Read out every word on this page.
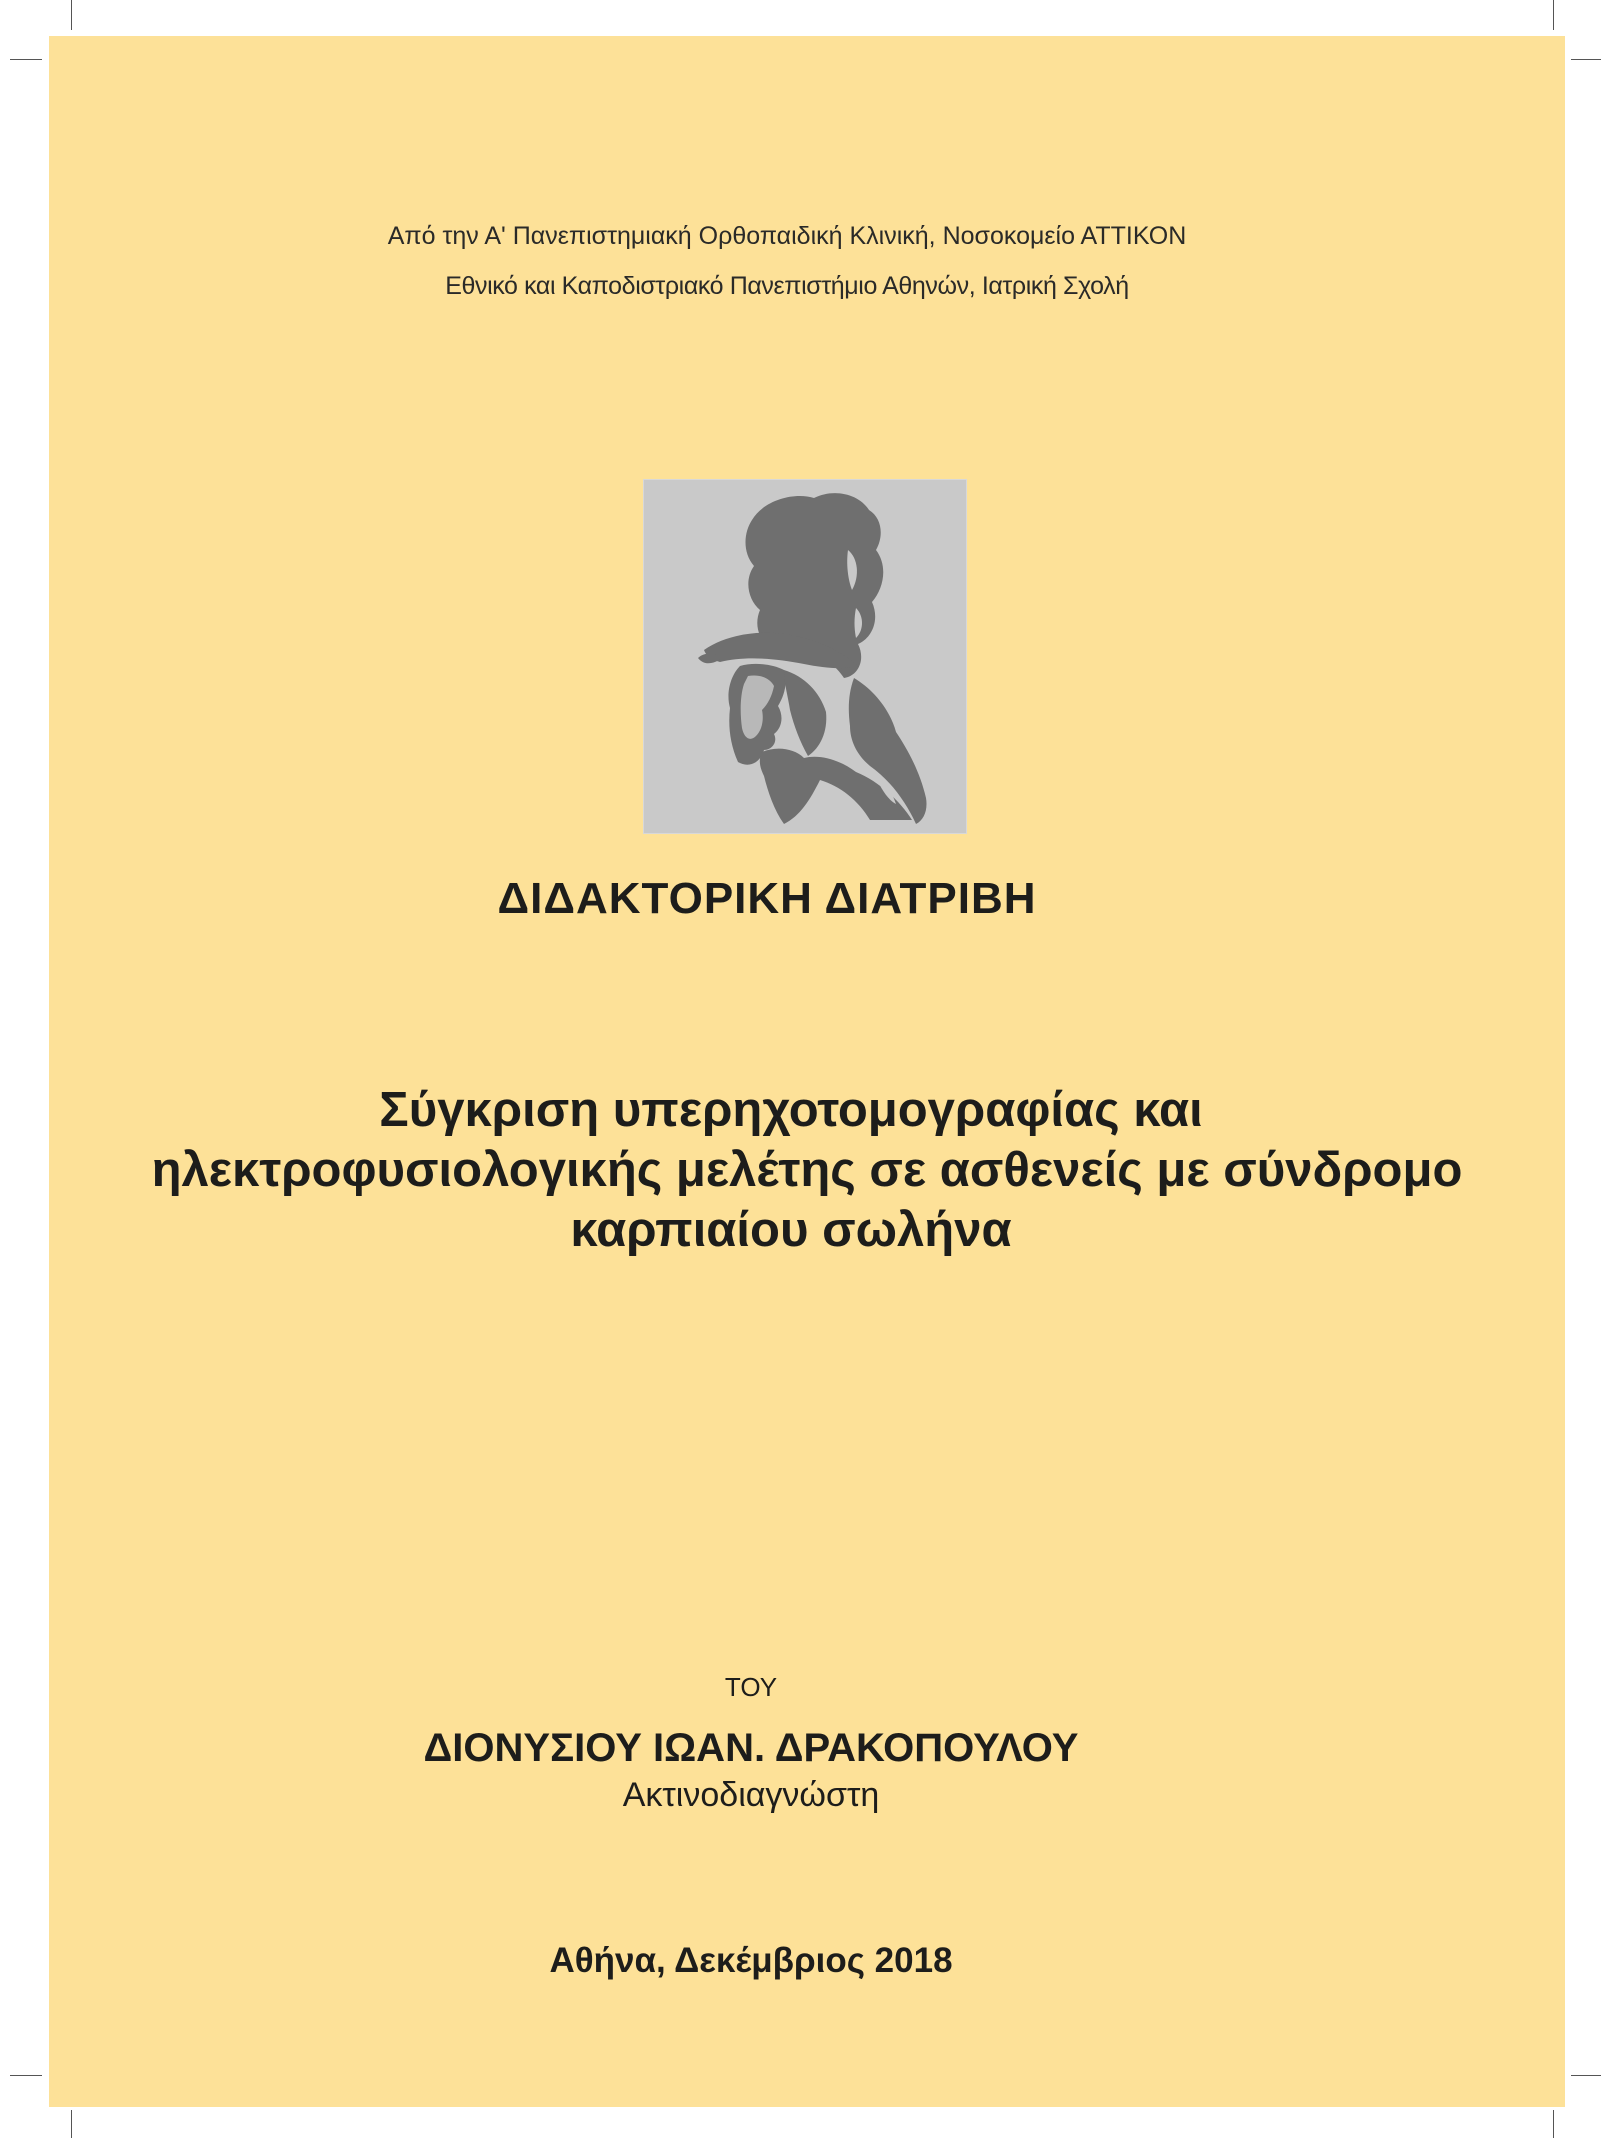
Από την Α' Πανεπιστημιακή Ορθοπαιδική Κλινική, Νοσοκομείο ΑΤΤΙΚΟΝ
Εθνικό και Καποδιστριακό Πανεπιστήμιο Αθηνών, Ιατρική Σχολή
ΔΙΔΑΚΤΟΡΙΚΗ ΔΙΑΤΡΙΒΗ
Σύγκριση υπερηχοτομογραφίας και
ηλεκτροφυσιολογικής μελέτης σε ασθενείς με σύνδρομο
καρπιαίου σωλήνα
ΤΟΥ
ΔΙΟΝΥΣΙΟΥ ΙΩΑΝ. ΔΡΑΚΟΠΟΥΛΟΥ
Ακτινοδιαγνώστη
Αθήνα, Δεκέμβριος 2018
